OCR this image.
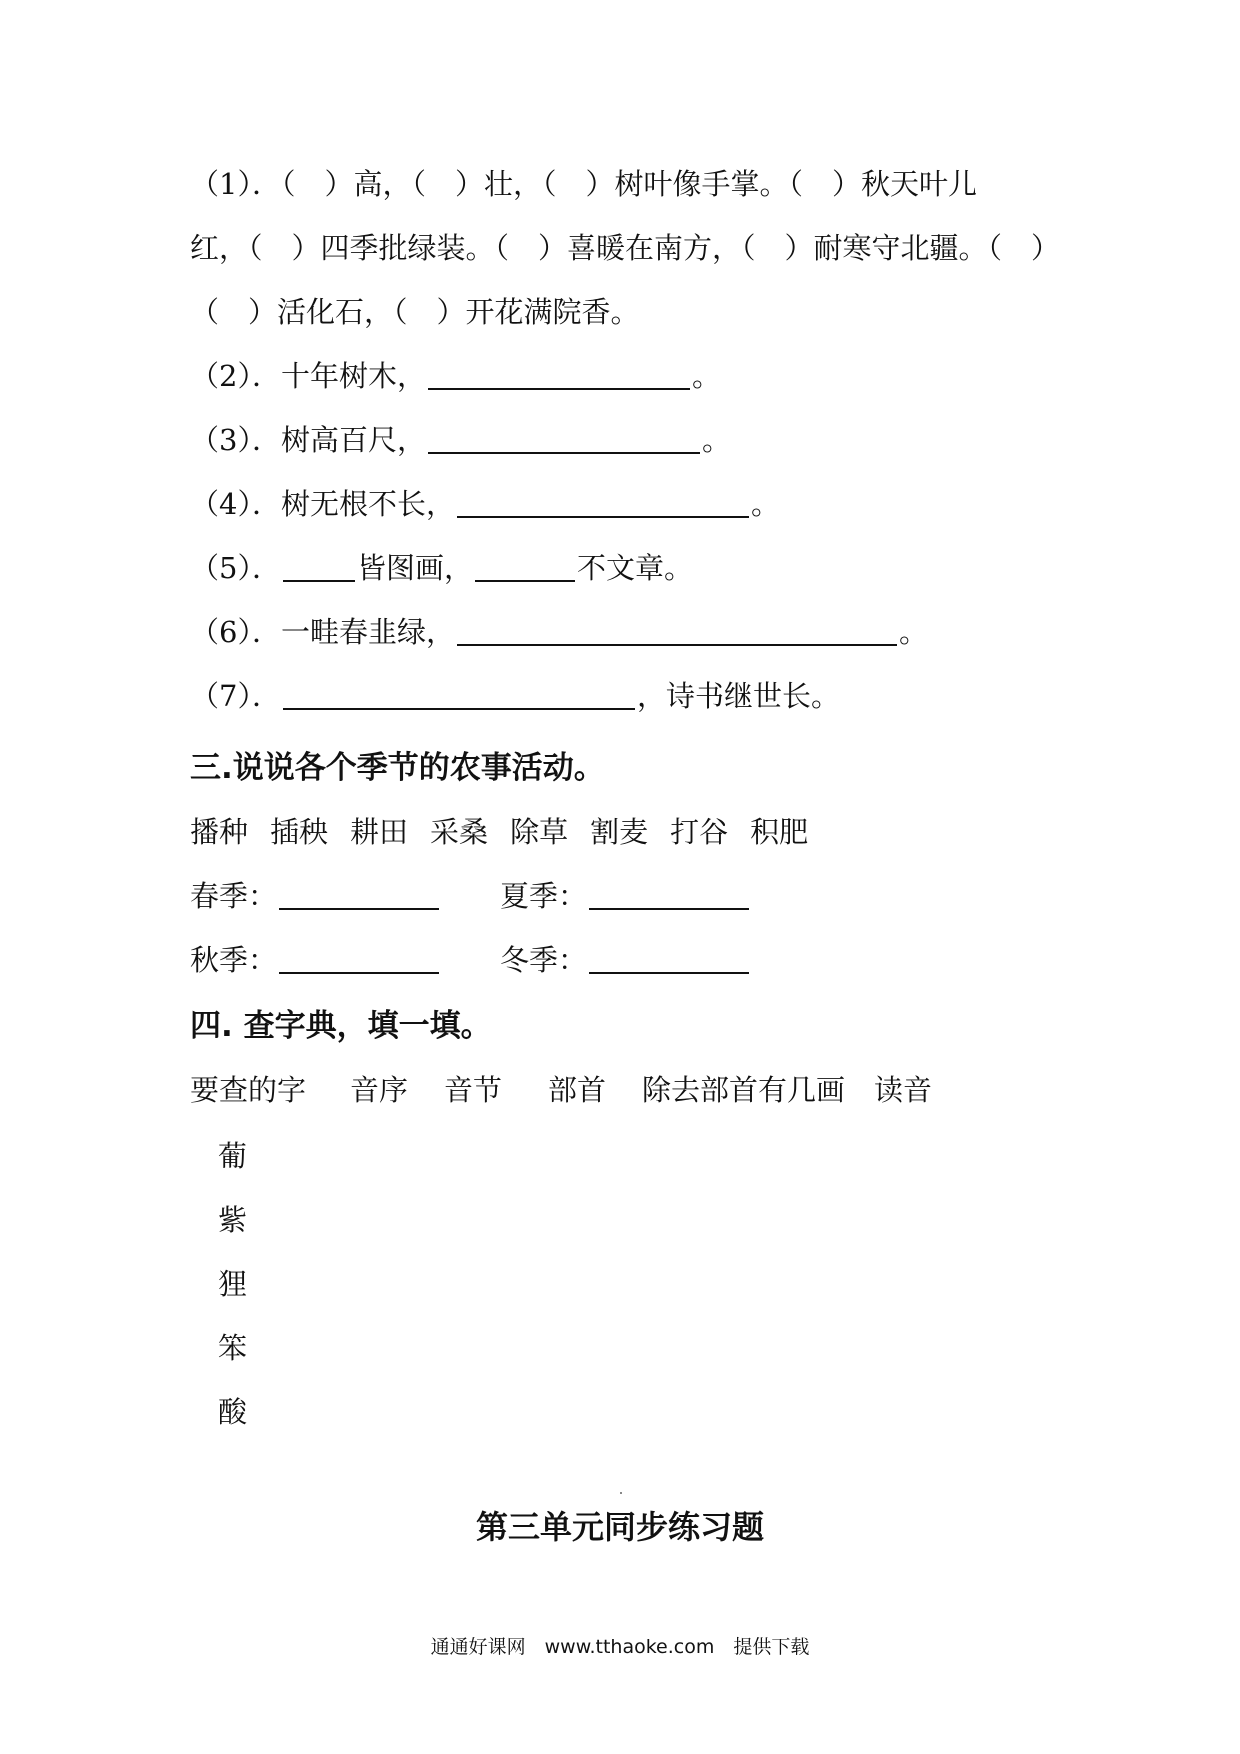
（1）．（　）高，（　）壮，（　）树叶像手掌。（　）秋天叶儿
红，（　）四季批绿装。（　）喜暖在南方，（　）耐寒守北疆。（　）
（　）活化石，（　）开花满院香。
（2）．十年树木，	。
（3）．树高百尺，	。
（4）．树无根不长，	。
（5）．	皆图画，	不文章。
（6）．一畦春韭绿，	。
（7）．	，诗书继世长。
三.说说各个季节的农事活动。
播种 插秧 耕田 采桑 除草 割麦 打谷 积肥
春季：	夏季：
秋季：	冬季：
四. 查字典，填一填。
要查的字 音序 音节 部首 除去部首有几画 读音
葡
紫
狸
笨
酸
第三单元同步练习题
通通好课网　www.tthaoke.com　提供下载
